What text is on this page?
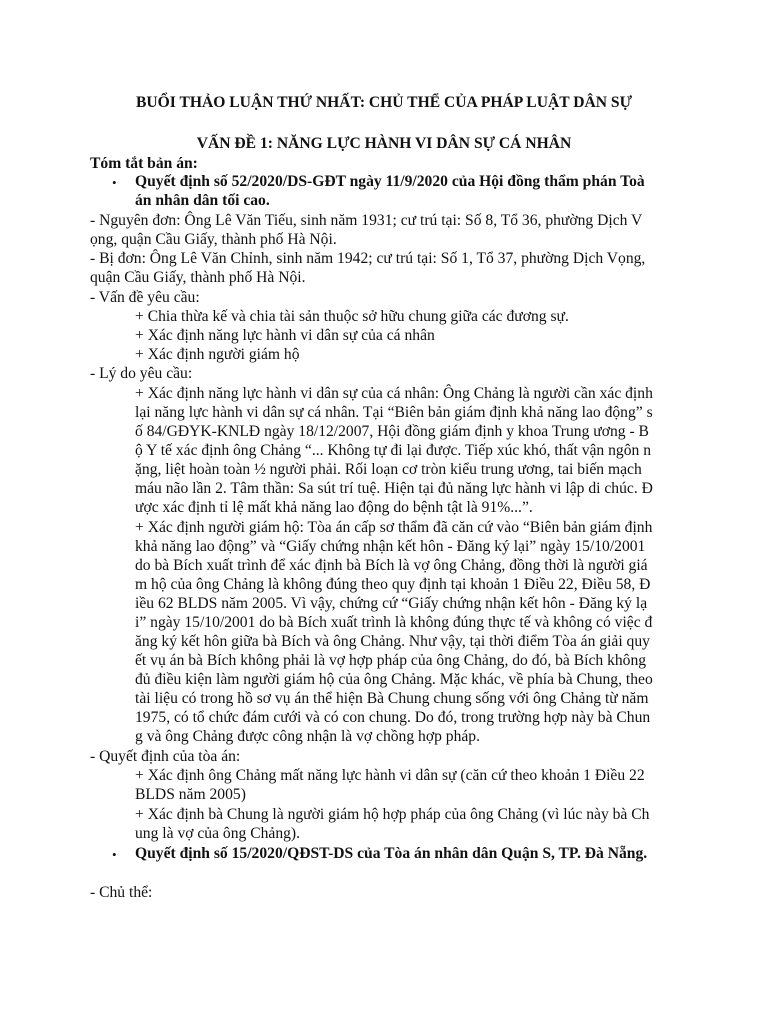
BUỔI THẢO LUẬN THỨ NHẤT: CHỦ THỂ CỦA PHÁP LUẬT DÂN SỰ
VẤN ĐỀ 1: NĂNG LỰC HÀNH VI DÂN SỰ CÁ NHÂN
Tóm tắt bản án:
• Quyết định số 52/2020/DS-GĐT ngày 11/9/2020 của Hội đồng thẩm phán Toà
án nhân dân tối cao.
- Nguyên đơn: Ông Lê Văn Tiếu, sinh năm 1931; cư trú tại: Số 8, Tổ 36, phường Dịch V
ọng, quận Cầu Giấy, thành phố Hà Nội.
- Bị đơn: Ông Lê Văn Chỉnh, sinh năm 1942; cư trú tại: Số 1, Tổ 37, phường Dịch Vọng,
quận Cầu Giấy, thành phố Hà Nội.
- Vấn đề yêu cầu:
+ Chia thừa kế và chia tài sản thuộc sở hữu chung giữa các đương sự.
+ Xác định năng lực hành vi dân sự của cá nhân
+ Xác định người giám hộ
- Lý do yêu cầu:
+ Xác định năng lực hành vi dân sự của cá nhân: Ông Chảng là người cần xác định
lại năng lực hành vi dân sự cá nhân. Tại “Biên bản giám định khả năng lao động” s
ố 84/GĐYK-KNLĐ ngày 18/12/2007, Hội đồng giám định y khoa Trung ương - B
ộ Y tế xác định ông Chảng “... Không tự đi lại được. Tiếp xúc khó, thất vận ngôn n
ặng, liệt hoàn toàn ½ người phải. Rối loạn cơ tròn kiểu trung ương, tai biến mạch
máu não lần 2. Tâm thần: Sa sút trí tuệ. Hiện tại đủ năng lực hành vi lập di chúc. Đ
ược xác định tỉ lệ mất khả năng lao động do bệnh tật là 91%...”.
+ Xác định người giám hộ: Tòa án cấp sơ thẩm đã căn cứ vào “Biên bản giám định
khả năng lao động” và “Giấy chứng nhận kết hôn - Đăng ký lại” ngày 15/10/2001
do bà Bích xuất trình để xác định bà Bích là vợ ông Chảng, đồng thời là người giá
m hộ của ông Chảng là không đúng theo quy định tại khoản 1 Điều 22, Điều 58, Đ
iều 62 BLDS năm 2005. Vì vậy, chứng cứ “Giấy chứng nhận kết hôn - Đăng ký lạ
i” ngày 15/10/2001 do bà Bích xuất trình là không đúng thực tế và không có việc đ
ăng ký kết hôn giữa bà Bích và ông Chảng. Như vậy, tại thời điểm Tòa án giải quy
ết vụ án bà Bích không phải là vợ hợp pháp của ông Chảng, do đó, bà Bích không
đủ điều kiện làm người giám hộ của ông Chảng. Mặc khác, về phía bà Chung, theo
tài liệu có trong hồ sơ vụ án thể hiện Bà Chung chung sống với ông Chảng từ năm
1975, có tổ chức đám cưới và có con chung. Do đó, trong trường hợp này bà Chun
g và ông Chảng được công nhận là vợ chồng hợp pháp.
- Quyết định của tòa án:
+ Xác định ông Chảng mất năng lực hành vi dân sự (căn cứ theo khoản 1 Điều 22
BLDS năm 2005)
+ Xác định bà Chung là người giám hộ hợp pháp của ông Chảng (vì lúc này bà Ch
ung là vợ của ông Chảng).
• Quyết định số 15/2020/QĐST-DS của Tòa án nhân dân Quận S, TP. Đà Nẵng.
- Chủ thể:
